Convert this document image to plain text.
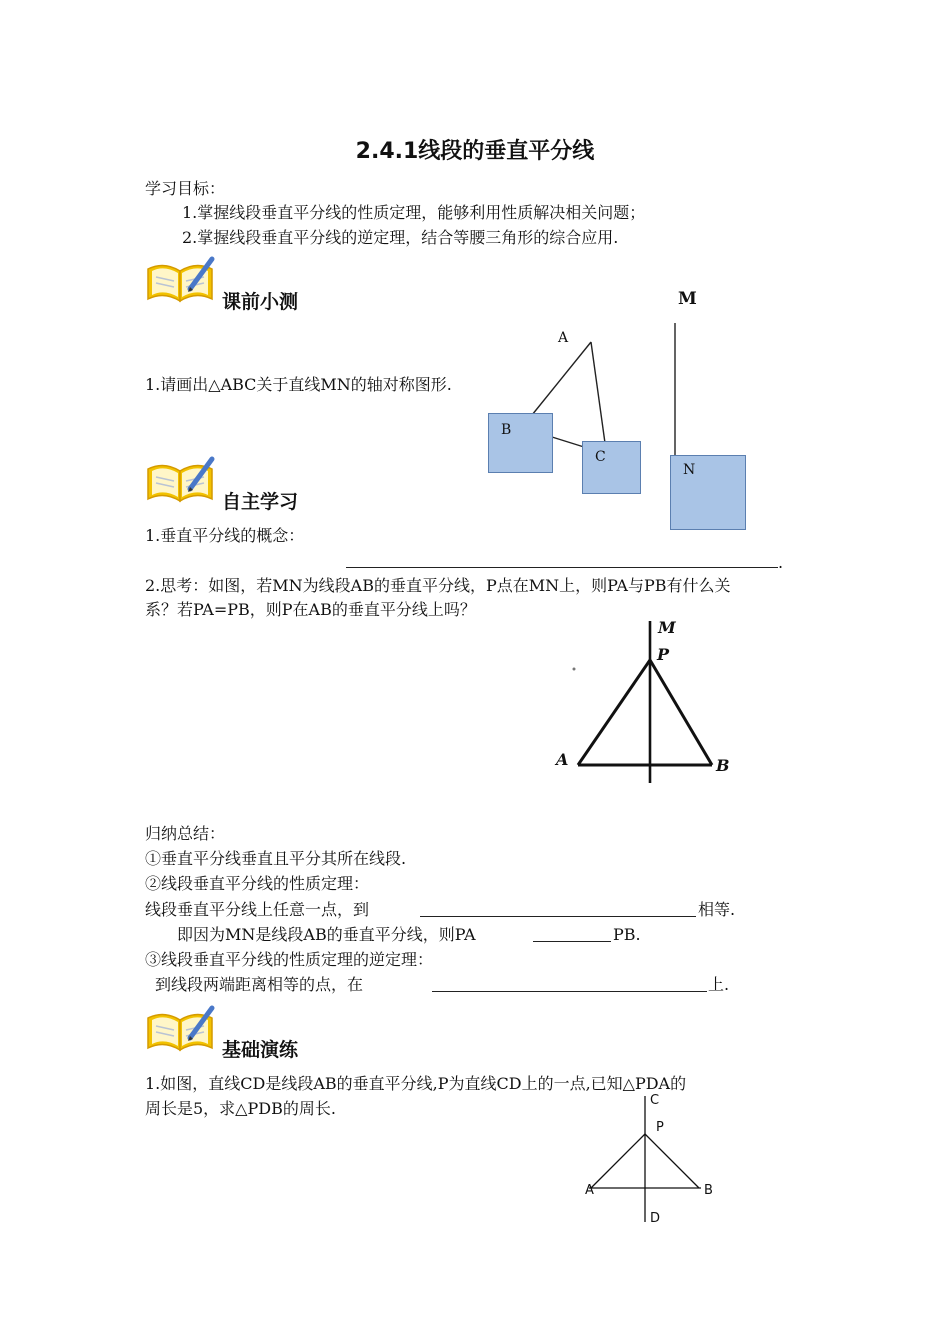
2.4.1线段的垂直平分线
学习目标：
1.掌握线段垂直平分线的性质定理，能够利用性质解决相关问题；
2.掌握线段垂直平分线的逆定理，结合等腰三角形的综合应用.
课前小测
1.请画出△ABC关于直线MN的轴对称图形.
M
A
B
C
N
自主学习
1.垂直平分线的概念：
.
2.思考：如图，若MN为线段AB的垂直平分线，P点在MN上，则PA与PB有什么关
系？若PA=PB，则P在AB的垂直平分线上吗？
M
P
A	B
归纳总结：
①垂直平分线垂直且平分其所在线段.
②线段垂直平分线的性质定理：
线段垂直平分线上任意一点，到	相等.
即因为MN是线段AB的垂直平分线，则PA	PB.
③线段垂直平分线的性质定理的逆定理：
到线段两端距离相等的点，在	上.
基础演练
1.如图，直线CD是线段AB的垂直平分线,P为直线CD上的一点,已知△PDA的
周长是5，求△PDB的周长.	C
P
A	B
D
